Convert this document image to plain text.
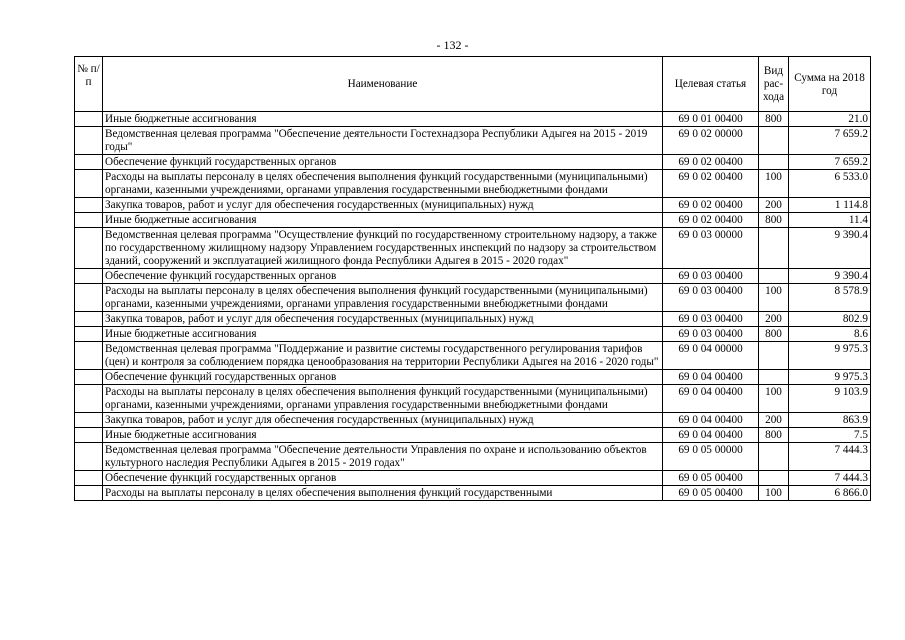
- 132 -
№ п/п	Наименование	Целевая статья	Вид рас-хода	Сумма на 2018 год
	Иные бюджетные ассигнования	69 0 01 00400	800	21.0
	Ведомственная целевая программа "Обеспечение деятельности Гостехнадзора Республики Адыгея на 2015 - 2019 годы"	69 0 02 00000		7 659.2
	Обеспечение функций государственных органов	69 0 02 00400		7 659.2
	Расходы на выплаты персоналу в целях обеспечения выполнения функций государственными (муниципальными) органами, казенными учреждениями, органами управления государственными внебюджетными фондами	69 0 02 00400	100	6 533.0
	Закупка товаров, работ и услуг для обеспечения государственных (муниципальных) нужд	69 0 02 00400	200	1 114.8
	Иные бюджетные ассигнования	69 0 02 00400	800	11.4
	Ведомственная целевая программа "Осуществление функций по государственному строительному надзору, а также по государственному жилищному надзору Управлением государственных инспекций по надзору за строительством зданий, сооружений и эксплуатацией жилищного фонда Республики Адыгея в 2015 - 2020 годах"	69 0 03 00000		9 390.4
	Обеспечение функций государственных органов	69 0 03 00400		9 390.4
	Расходы на выплаты персоналу в целях обеспечения выполнения функций государственными (муниципальными) органами, казенными учреждениями, органами управления государственными внебюджетными фондами	69 0 03 00400	100	8 578.9
	Закупка товаров, работ и услуг для обеспечения государственных (муниципальных) нужд	69 0 03 00400	200	802.9
	Иные бюджетные ассигнования	69 0 03 00400	800	8.6
	Ведомственная целевая программа "Поддержание и развитие системы государственного регулирования тарифов (цен) и контроля за соблюдением порядка ценообразования на территории Республики Адыгея на 2016 - 2020 годы"	69 0 04 00000		9 975.3
	Обеспечение функций государственных органов	69 0 04 00400		9 975.3
	Расходы на выплаты персоналу в целях обеспечения выполнения функций государственными (муниципальными) органами, казенными учреждениями, органами управления государственными внебюджетными фондами	69 0 04 00400	100	9 103.9
	Закупка товаров, работ и услуг для обеспечения государственных (муниципальных) нужд	69 0 04 00400	200	863.9
	Иные бюджетные ассигнования	69 0 04 00400	800	7.5
	Ведомственная целевая программа "Обеспечение деятельности Управления по охране и использованию объектов культурного наследия Республики Адыгея в 2015 - 2019 годах"	69 0 05 00000		7 444.3
	Обеспечение функций государственных органов	69 0 05 00400		7 444.3
	Расходы на выплаты персоналу в целях обеспечения выполнения функций государственными	69 0 05 00400	100	6 866.0
